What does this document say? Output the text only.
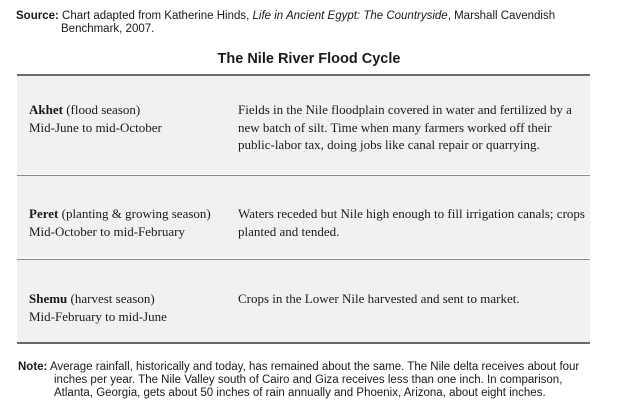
Source: Chart adapted from Katherine Hinds, Life in Ancient Egypt: The Countryside, Marshall Cavendish
Benchmark, 2007.
The Nile River Flood Cycle
Akhet (flood season)
Mid-June to mid-October
Fields in the Nile floodplain covered in water and fertilized by a new batch of silt. Time when many farmers worked off their public-labor tax, doing jobs like canal repair or quarrying.
Peret (planting & growing season)
Mid-October to mid-February
Waters receded but Nile high enough to fill irrigation canals; crops planted and tended.
Shemu (harvest season)
Mid-February to mid-June
Crops in the Lower Nile harvested and sent to market.
Note: Average rainfall, historically and today, has remained about the same. The Nile delta receives about four
inches per year. The Nile Valley south of Cairo and Giza receives less than one inch. In comparison,
Atlanta, Georgia, gets about 50 inches of rain annually and Phoenix, Arizona, about eight inches.
